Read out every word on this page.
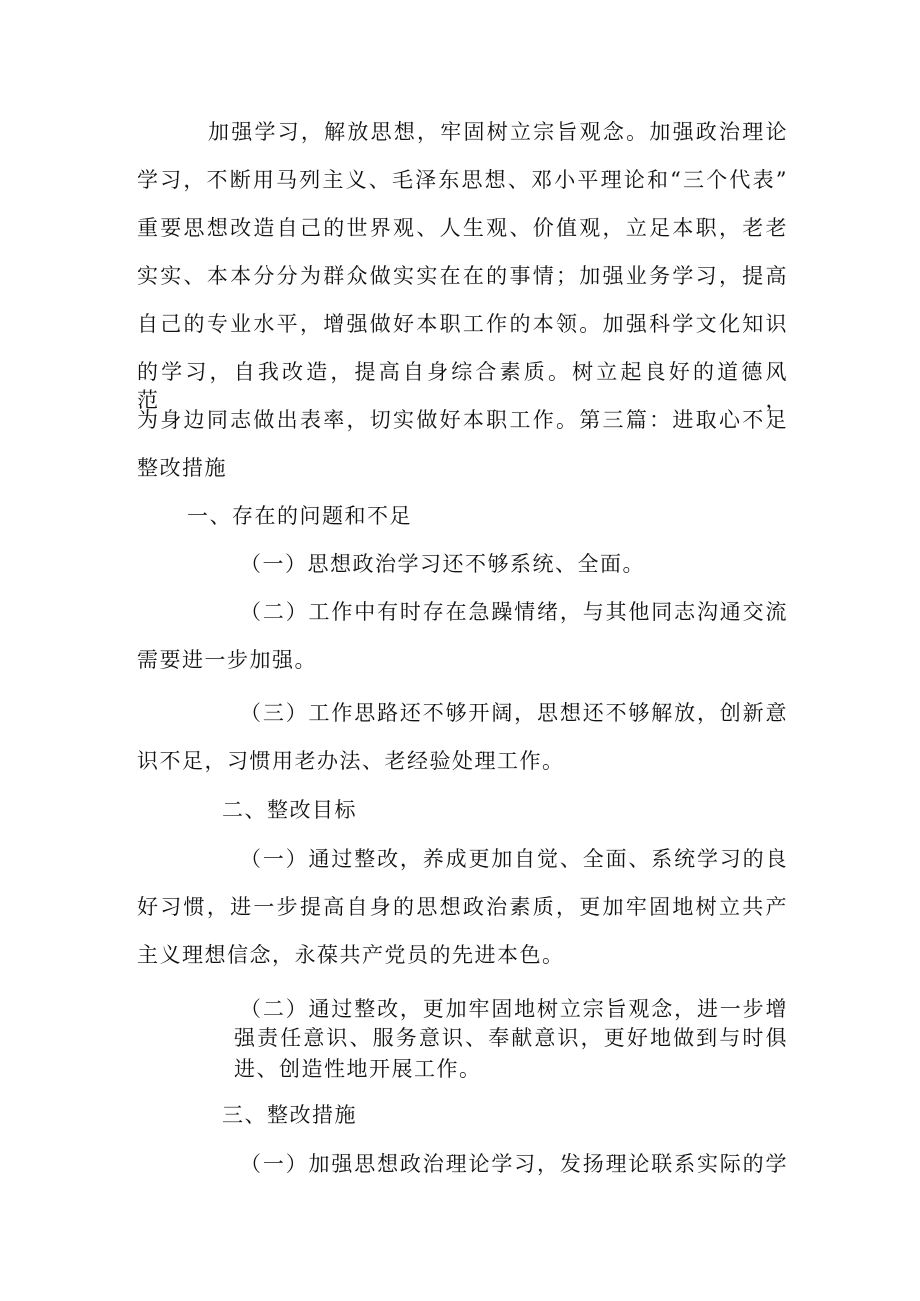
加强学习，解放思想，牢固树立宗旨观念。加强政治理论
学习，不断用马列主义、毛泽东思想、邓小平理论和“三个代表”
重要思想改造自己的世界观、人生观、价值观，立足本职，老老
实实、本本分分为群众做实实在在的事情；加强业务学习，提高
自己的专业水平，增强做好本职工作的本领。加强科学文化知识
的学习，自我改造，提高自身综合素质。树立起良好的道德风范，
为身边同志做出表率，切实做好本职工作。第三篇：进取心不足
整改措施
一、存在的问题和不足
（一）思想政治学习还不够系统、全面。
（二）工作中有时存在急躁情绪，与其他同志沟通交流
需要进一步加强。
（三）工作思路还不够开阔，思想还不够解放，创新意
识不足，习惯用老办法、老经验处理工作。
二、整改目标
（一）通过整改，养成更加自觉、全面、系统学习的良
好习惯，进一步提高自身的思想政治素质，更加牢固地树立共产
主义理想信念，永葆共产党员的先进本色。
（二）通过整改，更加牢固地树立宗旨观念，进一步增
强责任意识、服务意识、奉献意识，更好地做到与时俱
进、创造性地开展工作。
三、整改措施
（一）加强思想政治理论学习，发扬理论联系实际的学
